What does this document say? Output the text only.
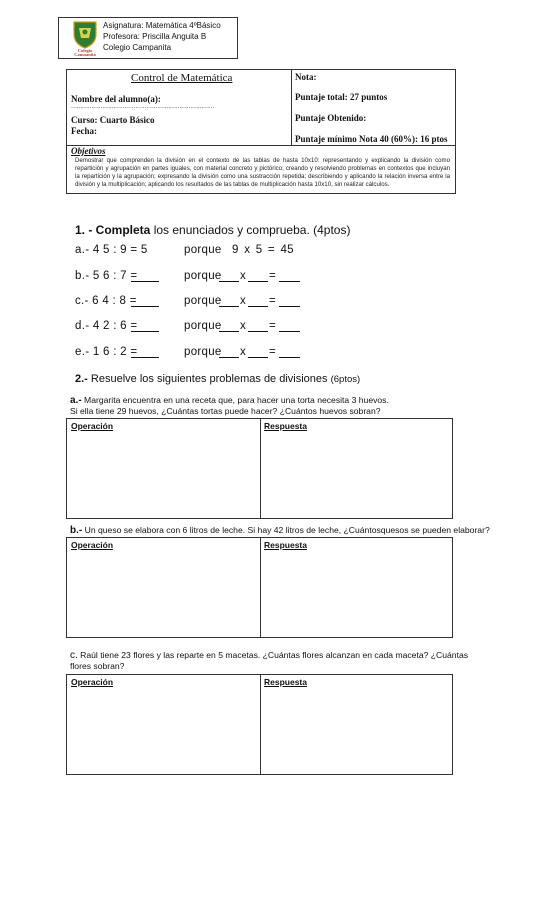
Colegio
Campanita
Asignatura: Matemática 4ºBásico
Profesora: Priscilla Anguita B
Colegio Campanita
Control de Matemática
Nombre del alumno(a):
……………………………………………………………………
Curso: Cuarto Básico
Fecha:
Nota:
Puntaje total: 27 puntos
Puntaje Obtenido:
Puntaje mínimo Nota 40 (60%): 16 ptos
Objetivos
Demostrar que comprenden la división en el contexto de las tablas de hasta 10x10: representando y explicando la división como repartición y agrupación en partes iguales, con material concreto y pictórico; creando y resolviendo problemas en contextos que incluyan la repartición y la agrupación; expresando la división como una sustracción repetida; describiendo y aplicando la relación inversa entre la división y la multiplicación; aplicando los resultados de las tablas de multiplicación hasta 10x10, sin realizar cálculos.
1. - Completa los enunciados y comprueba. (4ptos)
a.- 4 5 : 9 = 5	porque 9 x 5 = 45
b.- 5 6 : 7 =	porque x =
c.- 6 4 : 8 =	porque x =
d.- 4 2 : 6 =	porque x =
e.- 1 6 : 2 =	porque x =
2.- Resuelve los siguientes problemas de divisiones (6ptos)
a.- Margarita encuentra en una receta que, para hacer una torta necesita 3 huevos.
Si ella tiene 29 huevos, ¿Cuántas tortas puede hacer? ¿Cuántos huevos sobran?
Operación	Respuesta
b.- Un queso se elabora con 6 litros de leche. Si hay 42 litros de leche, ¿Cuántosquesos se pueden elaborar?
Operación	Respuesta
c. Raúl tiene 23 flores y las reparte en 5 macetas. ¿Cuántas flores alcanzan en cada maceta? ¿Cuántas
flores sobran?
Operación	Respuesta
